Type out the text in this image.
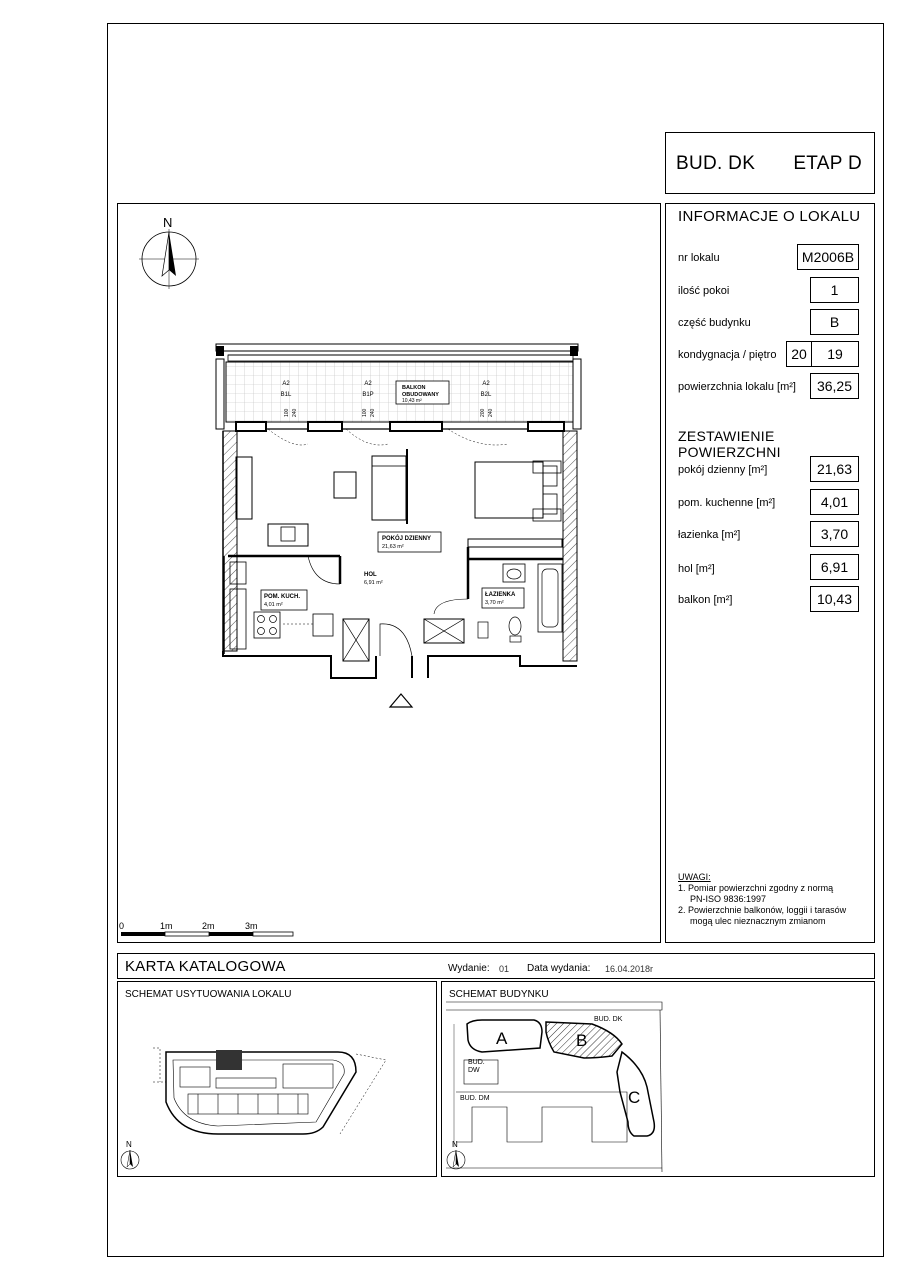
BUD. DK ETAP D
N
A2
B1L
100 240
A2
B1P
100 240
A2
B2L
200 240
BALKON
OBUDOWANY
10,43 m²
POKÓJ DZIENNY
21,63 m²
HOL
6,91 m²
POM. KUCH.
4,01 m²
ŁAZIENKA
3,70 m²
0	1m	2m	3m
INFORMACJE O LOKALU
nr lokalu	M2006B
ilość pokoi	1
część budynku	B
kondygnacja / piętro	20	19
powierzchnia lokalu [m²]	36,25
ZESTAWIENIE POWIERZCHNI
pokój dzienny [m²]	21,63
pom. kuchenne [m²]	4,01
łazienka [m²]	3,70
hol [m²]	6,91
balkon [m²]	10,43
UWAGI:
1. Pomiar powierzchni zgodny z normą
PN-ISO 9836:1997
2. Powierzchnie balkonów, loggii i tarasów
mogą ulec nieznacznym zmianom
KARTA KATALOGOWA	Wydanie: 01 Data wydania: 16.04.2018r
SCHEMAT USYTUOWANIA LOKALU
N
SCHEMAT BUDYNKU
A	B
C
BUD. DK
BUD.
DW
BUD. DM
N
